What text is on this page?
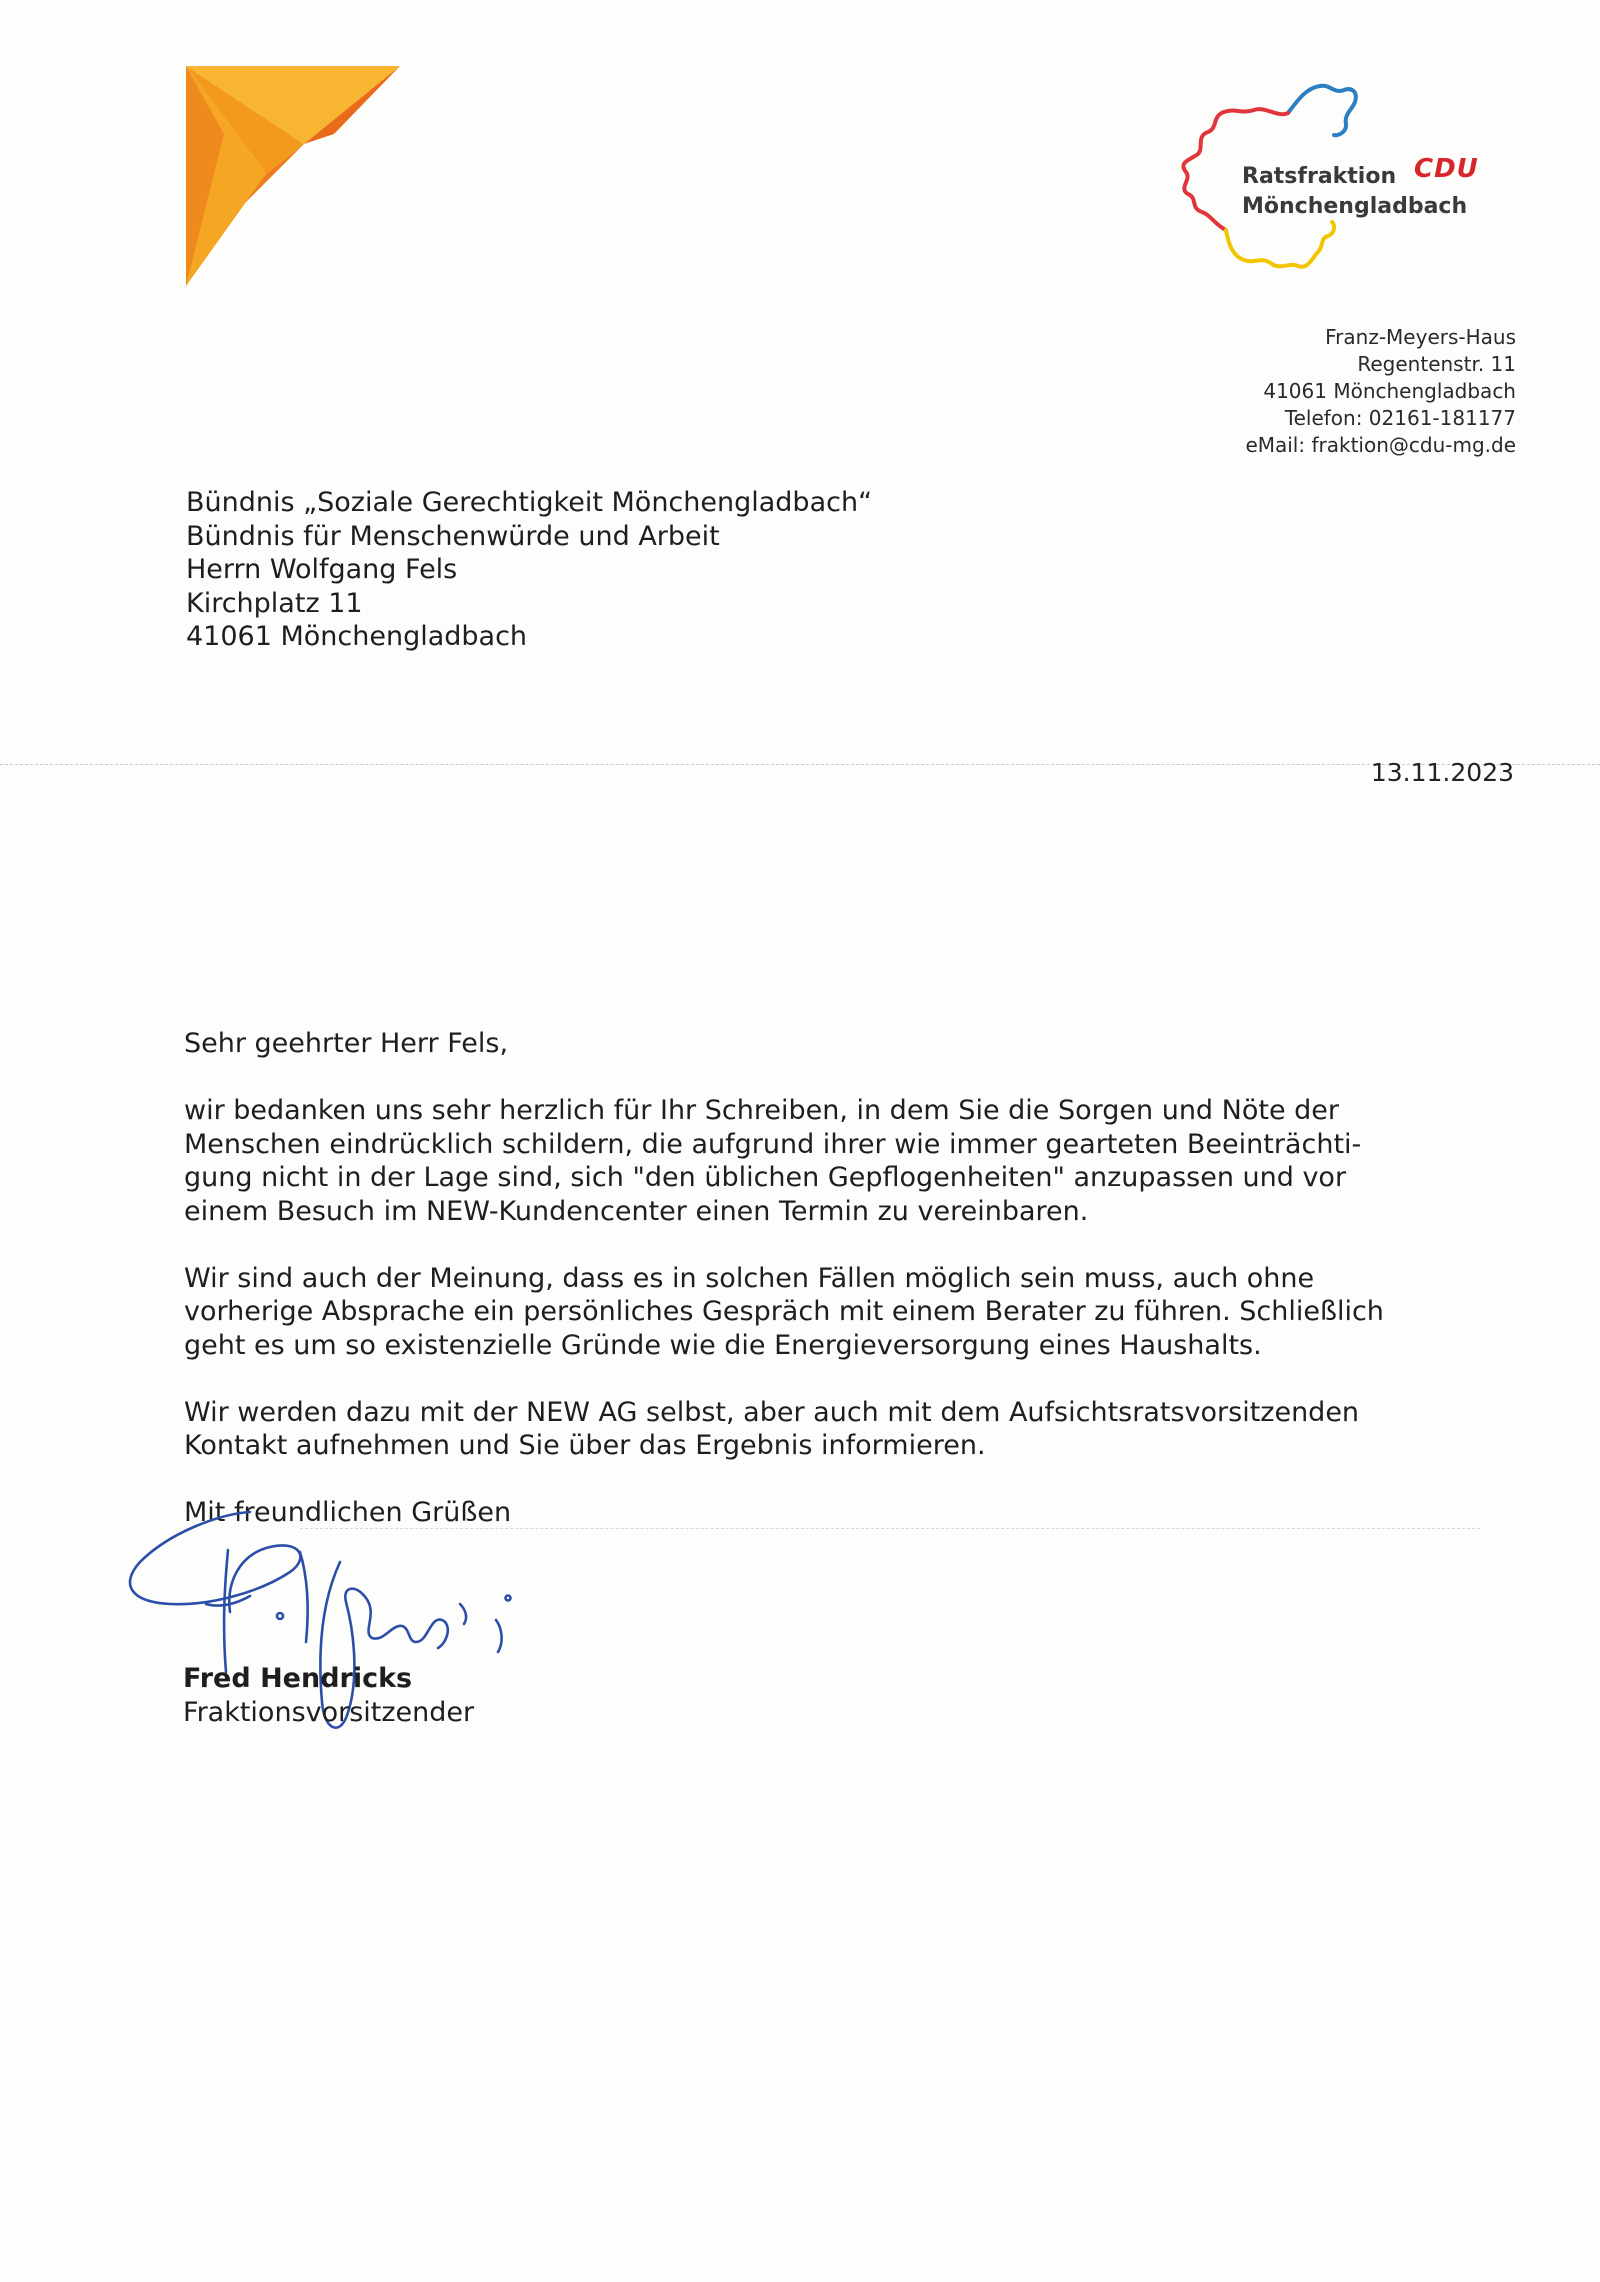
Ratsfraktion
Mönchengladbach
CDU
Franz-Meyers-Haus
Regentenstr. 11
41061 Mönchengladbach
Telefon: 02161-181177
eMail: fraktion@cdu-mg.de
Bündnis „Soziale Gerechtigkeit Mönchengladbach“
Bündnis für Menschenwürde und Arbeit
Herrn Wolfgang Fels
Kirchplatz 11
41061 Mönchengladbach
13.11.2023
Sehr geehrter Herr Fels,
wir bedanken uns sehr herzlich für Ihr Schreiben, in dem Sie die Sorgen und Nöte der
Menschen eindrücklich schildern, die aufgrund ihrer wie immer gearteten Beeinträchti-
gung nicht in der Lage sind, sich "den üblichen Gepflogenheiten" anzupassen und vor
einem Besuch im NEW-Kundencenter einen Termin zu vereinbaren.
Wir sind auch der Meinung, dass es in solchen Fällen möglich sein muss, auch ohne
vorherige Absprache ein persönliches Gespräch mit einem Berater zu führen. Schließlich
geht es um so existenzielle Gründe wie die Energieversorgung eines Haushalts.
Wir werden dazu mit der NEW AG selbst, aber auch mit dem Aufsichtsratsvorsitzenden
Kontakt aufnehmen und Sie über das Ergebnis informieren.
Mit freundlichen Grüßen
Fred Hendricks
Fraktionsvorsitzender
